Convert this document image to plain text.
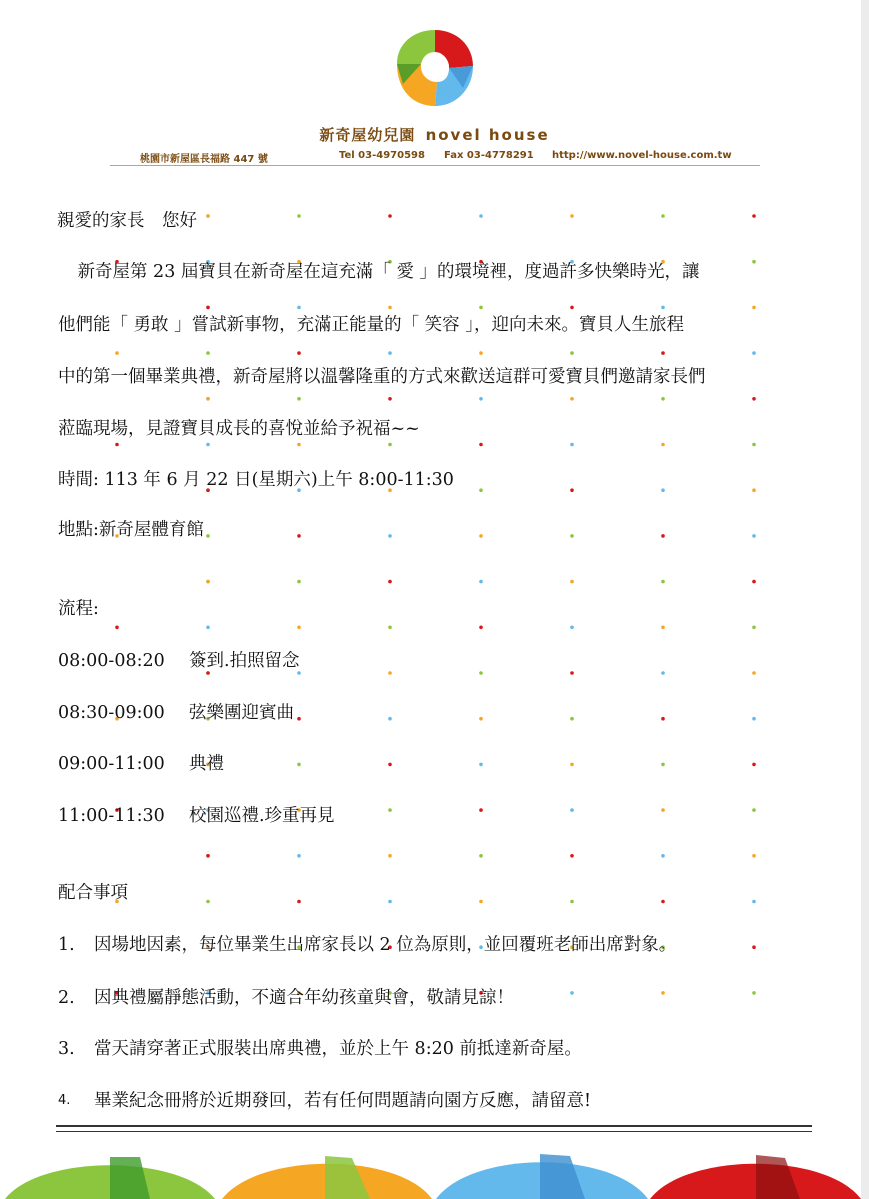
新奇屋幼兒園 novel house
桃園市新屋區長福路 447 號	Tel 03-4970598 Fax 03-4778291 http://www.novel-house.com.tw
親愛的家長　您好
　新奇屋第 23 屆寶貝在新奇屋在這充滿「 愛 」的環境裡，度過許多快樂時光，讓
他們能「 勇敢 」嘗試新事物，充滿正能量的「 笑容 」，迎向未來。寶貝人生旅程
中的第一個畢業典禮，新奇屋將以溫馨隆重的方式來歡送這群可愛寶貝們邀請家長們
蒞臨現場，見證寶貝成長的喜悅並給予祝福~~
時間: 113 年 6 月 22 日(星期六)上午 8:00-11:30
地點:新奇屋體育館
流程:
08:00-08:20 簽到.拍照留念
08:30-09:00 弦樂團迎賓曲
09:00-11:00 典禮
11:00-11:30 校園巡禮.珍重再見
配合事項
1. 因場地因素，每位畢業生出席家長以 2 位為原則，並回覆班老師出席對象。
2. 因典禮屬靜態活動，不適合年幼孩童與會，敬請見諒！
3. 當天請穿著正式服裝出席典禮，並於上午 8:20 前抵達新奇屋。
4. 畢業紀念冊將於近期發回，若有任何問題請向園方反應，請留意!
